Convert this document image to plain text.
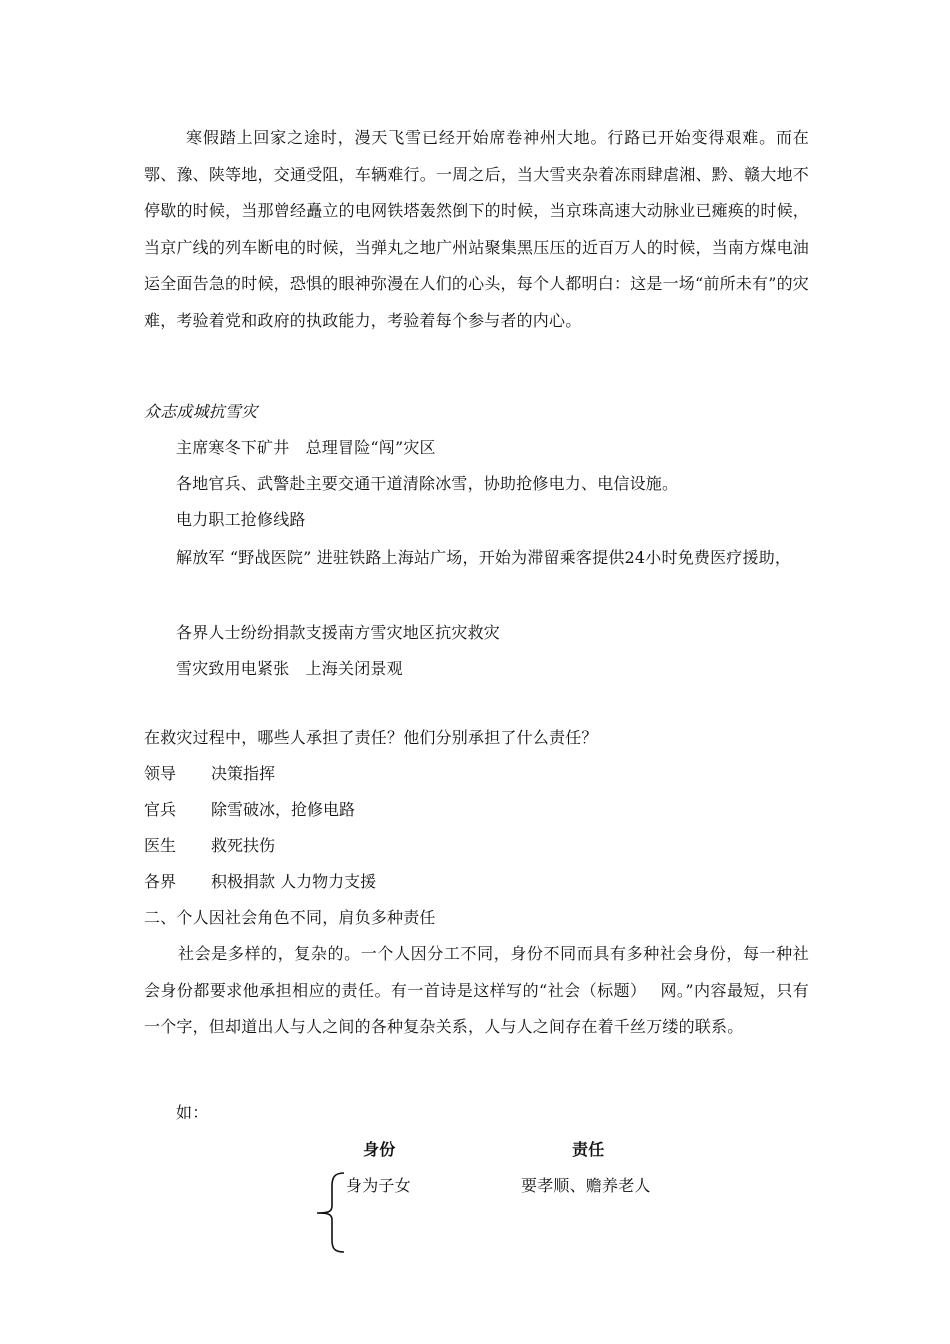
寒假踏上回家之途时，漫天飞雪已经开始席卷神州大地。行路已开始变得艰难。而在鄂、豫、陕等地，交通受阻，车辆难行。一周之后，当大雪夹杂着冻雨肆虐湘、黔、赣大地不停歇的时候，当那曾经矗立的电网铁塔轰然倒下的时候，当京珠高速大动脉业已瘫痪的时候，当京广线的列车断电的时候，当弹丸之地广州站聚集黑压压的近百万人的时候，当南方煤电油运全面告急的时候，恐惧的眼神弥漫在人们的心头，每个人都明白：这是一场“前所未有”的灾难，考验着党和政府的执政能力，考验着每个参与者的内心。
众志成城抗雪灾
主席寒冬下矿井　总理冒险“闯”灾区
各地官兵、武警赴主要交通干道清除冰雪，协助抢修电力、电信设施。
电力职工抢修线路
解放军 “野战医院” 进驻铁路上海站广场，开始为滞留乘客提供24小时免费医疗援助，
各界人士纷纷捐款支援南方雪灾地区抗灾救灾
雪灾致用电紧张　上海关闭景观
在救灾过程中，哪些人承担了责任？他们分别承担了什么责任？
领导 决策指挥
官兵 除雪破冰，抢修电路
医生 救死扶伤
各界 积极捐款 人力物力支援
二、个人因社会角色不同，肩负多种责任
社会是多样的，复杂的。一个人因分工不同，身份不同而具有多种社会身份，每一种社会身份都要求他承担相应的责任。有一首诗是这样写的“社会（标题）　 网。”内容最短，只有一个字，但却道出人与人之间的各种复杂关系，人与人之间存在着千丝万缕的联系。
如：
身份	责任
身为子女	要孝顺、赡养老人
